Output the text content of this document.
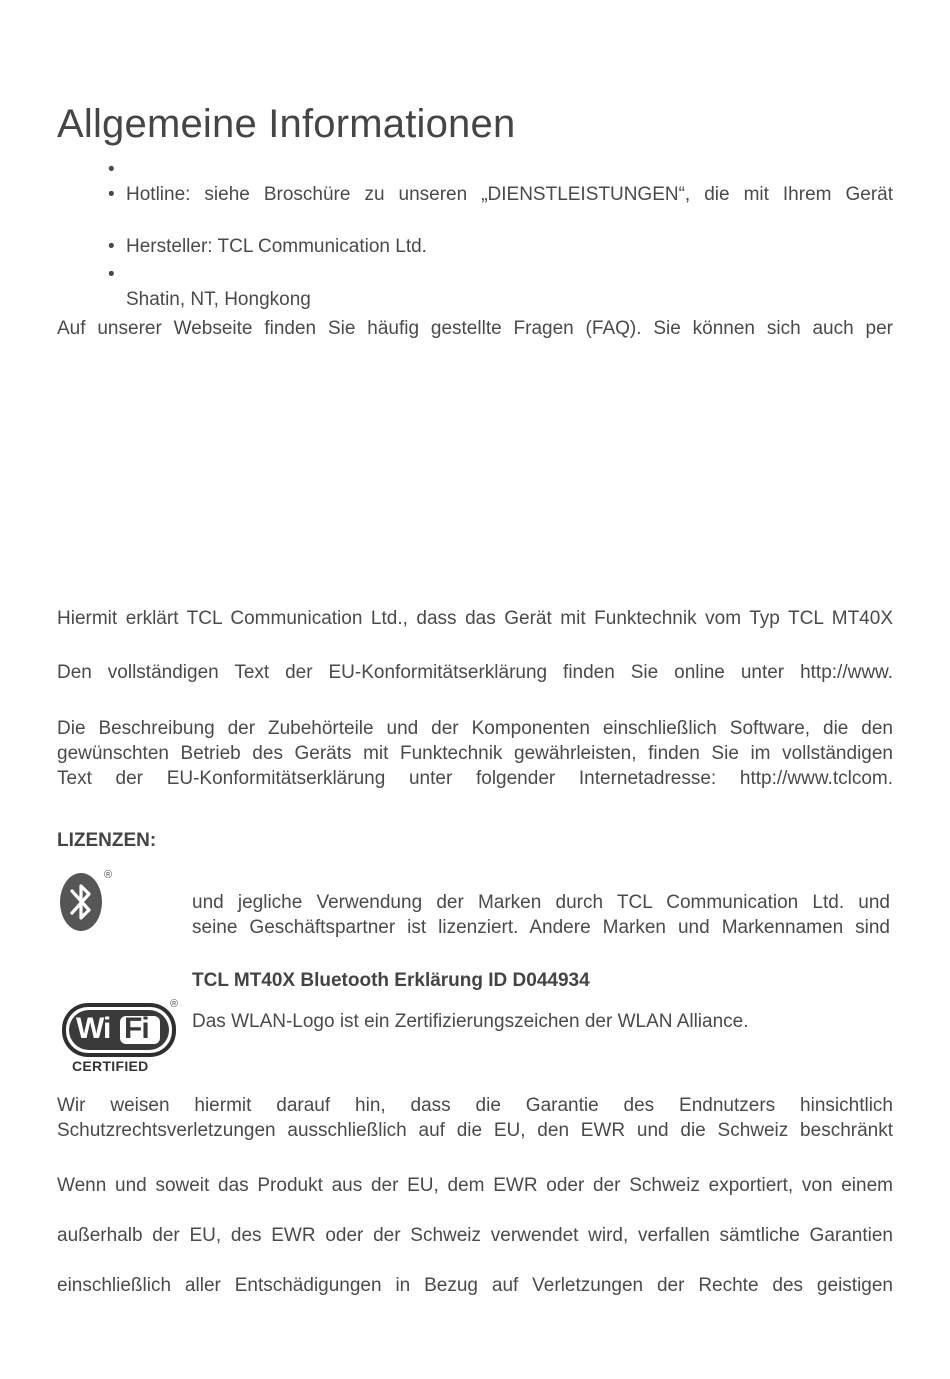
Allgemeine Informationen
•
• Hotline: siehe Broschüre zu unseren „DIENSTLEISTUNGEN“, die mit Ihrem Gerät
• Hersteller: TCL Communication Ltd.
•
Shatin, NT, Hongkong
Auf unserer Webseite finden Sie häufig gestellte Fragen (FAQ). Sie können sich auch per
Hiermit erklärt TCL Communication Ltd., dass das Gerät mit Funktechnik vom Typ TCL MT40X
Den vollständigen Text der EU-Konformitätserklärung finden Sie online unter http://www.
Die Beschreibung der Zubehörteile und der Komponenten einschließlich Software, die den
gewünschten Betrieb des Geräts mit Funktechnik gewährleisten, finden Sie im vollständigen
Text der EU-Konformitätserklärung unter folgender Internetadresse: http://www.tclcom.
LIZENZEN:
®
und jegliche Verwendung der Marken durch TCL Communication Ltd. und
seine Geschäftspartner ist lizenziert. Andere Marken und Markennamen sind
TCL MT40X Bluetooth Erklärung ID D044934
Wi Fi
CERTIFIED
®
Das WLAN-Logo ist ein Zertifizierungszeichen der WLAN Alliance.
Wir weisen hiermit darauf hin, dass die Garantie des Endnutzers hinsichtlich
Schutzrechtsverletzungen ausschließlich auf die EU, den EWR und die Schweiz beschränkt
Wenn und soweit das Produkt aus der EU, dem EWR oder der Schweiz exportiert, von einem
außerhalb der EU, des EWR oder der Schweiz verwendet wird, verfallen sämtliche Garantien
einschließlich aller Entschädigungen in Bezug auf Verletzungen der Rechte des geistigen
